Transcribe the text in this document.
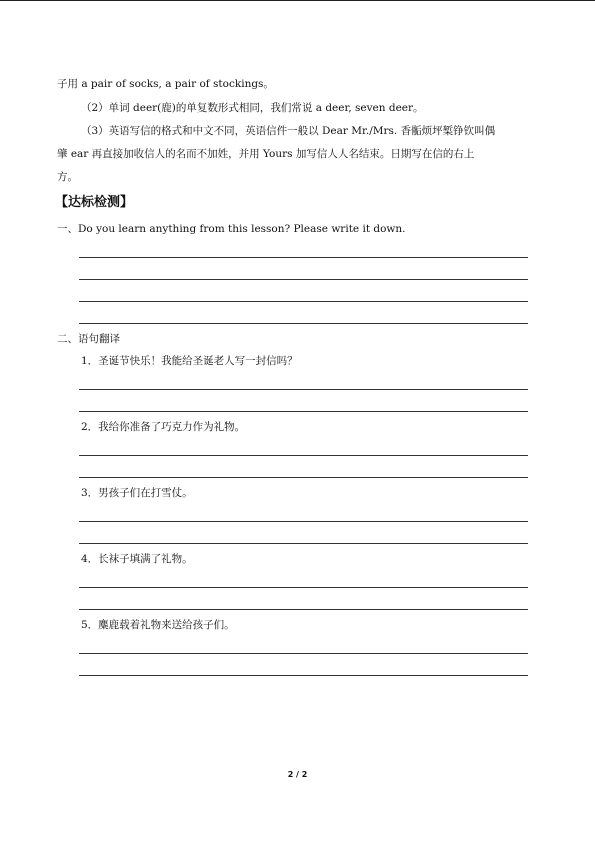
子用 a pair of socks, a pair of stockings。
（2）单词 deer(鹿)的单复数形式相同，我们常说 a deer, seven deer。
（3）英语写信的格式和中文不同，英语信件一般以 Dear Mr./Mrs. 香骺烦坪椠铮钦叫偶
肇 ear 再直接加收信人的名而不加姓，并用 Yours 加写信人人名结束。日期写在信的右上
方。
【达标检测】
一、Do you learn anything from this lesson? Please write it down.
二、语句翻译
1．圣诞节快乐！我能给圣诞老人写一封信吗？
2．我给你准备了巧克力作为礼物。
3．男孩子们在打雪仗。
4．长袜子填满了礼物。
5．麋鹿载着礼物来送给孩子们。
2 / 2
